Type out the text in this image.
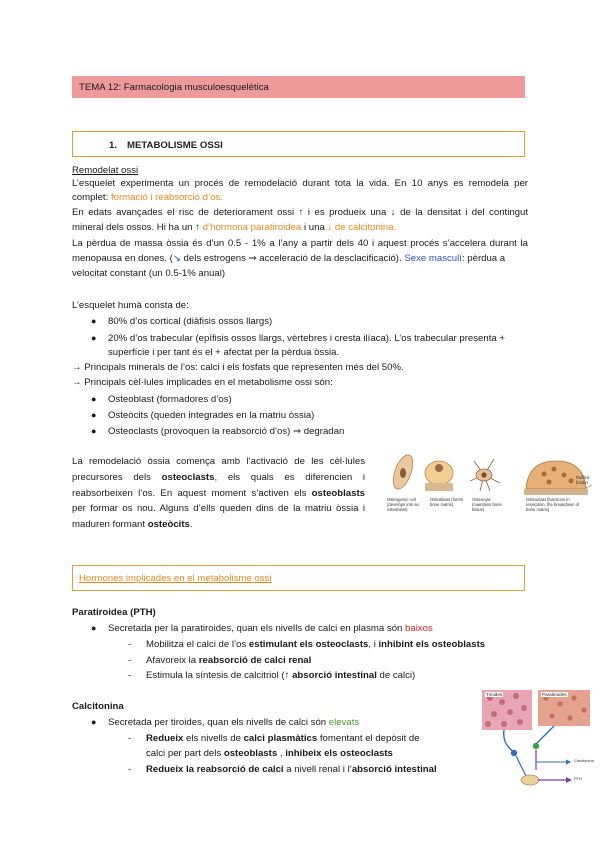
TEMA 12: Farmacologia musculoesquelètica
1. METABOLISME OSSI

Remodelat ossi

L’esquelet experimenta un procés de remodelació durant tota la vida. En 10 anys es remodela per

complet: formació i reabsorció d’os.

En edats avançades el risc de deteriorament ossi ↑ i es produeix una ↓ de la densitat i del contingut

mineral dels ossos. Hi ha un ↑ d’hormona paratiroidea i una ↓ de calcitonina.

La pèrdua de massa òssia és d’un 0.5 - 1% a l’any a partir dels 40 i aquest procés s’accelera durant la

menopausa en dones. (↘ dels estrogens ⇒ acceleració de la desclacificació). Sexe masculí: pèrdua a

velocitat constant (un 0.5-1% anual)

L’esquelet humà consta de:

● 80% d’os cortical (diàfisis ossos llargs)

● 20% d’os trabecular (epífisis ossos llargs, vèrtebres i cresta ilíaca). L’os trabecular presenta +

superfície i per tant és el + afectat per la pèrdua òssia.

→ Principals minerals de l’os: calci i els fosfats que representen més del 50%.

→ Principals cèl·lules implicades en el metabolisme ossi són:

● Osteoblast (formadores d’os)

● Osteòcits (queden integrades en la matriu òssia)

● Osteoclasts (provoquen la reabsorció d’os) ⇒ degradan

La remodelació òssia comença amb l’activació de les cèl·lules

precursores dels osteoclasts, els quals es diferencien i

reabsorbeixen l’os. En aquest moment s’activen els osteoblasts

per formar os nou. Alguns d’ells queden dins de la matriu òssia i

maduren formant osteòcits.

Osteogenic cell (develops into an osteoblast)
Osteoblast (forms bone matrix)
Osteocyte (maintains bone tissue)
Osteoclast (functions in resorption, the breakdown of bone matrix)
Ruffled border
Hormones implicades en el metabolisme ossi

Paratiroidea (PTH)

● Secretada per la paratiroides, quan els nivells de calci en plasma són baixos

- Mobilitza el calci de l’os estimulant els osteoclasts, i inhibint els osteoblasts

- Afavoreix la reabsorció de calci renal

- Estimula la síntesis de calcitriol (↑ absorció intestinal de calci)

Calcitonina

● Secretada per tiroides, quan els nivells de calci són elevats

- Redueix els nivells de calci plasmàtics fomentant el depòsit de

calci per part dels osteoblasts , inhibeix els osteoclasts

- Redueix la reabsorció de calci a nivell renal i l’absorció intestinal

Tiroides	Paratiroides
Calcitonina
PTH
